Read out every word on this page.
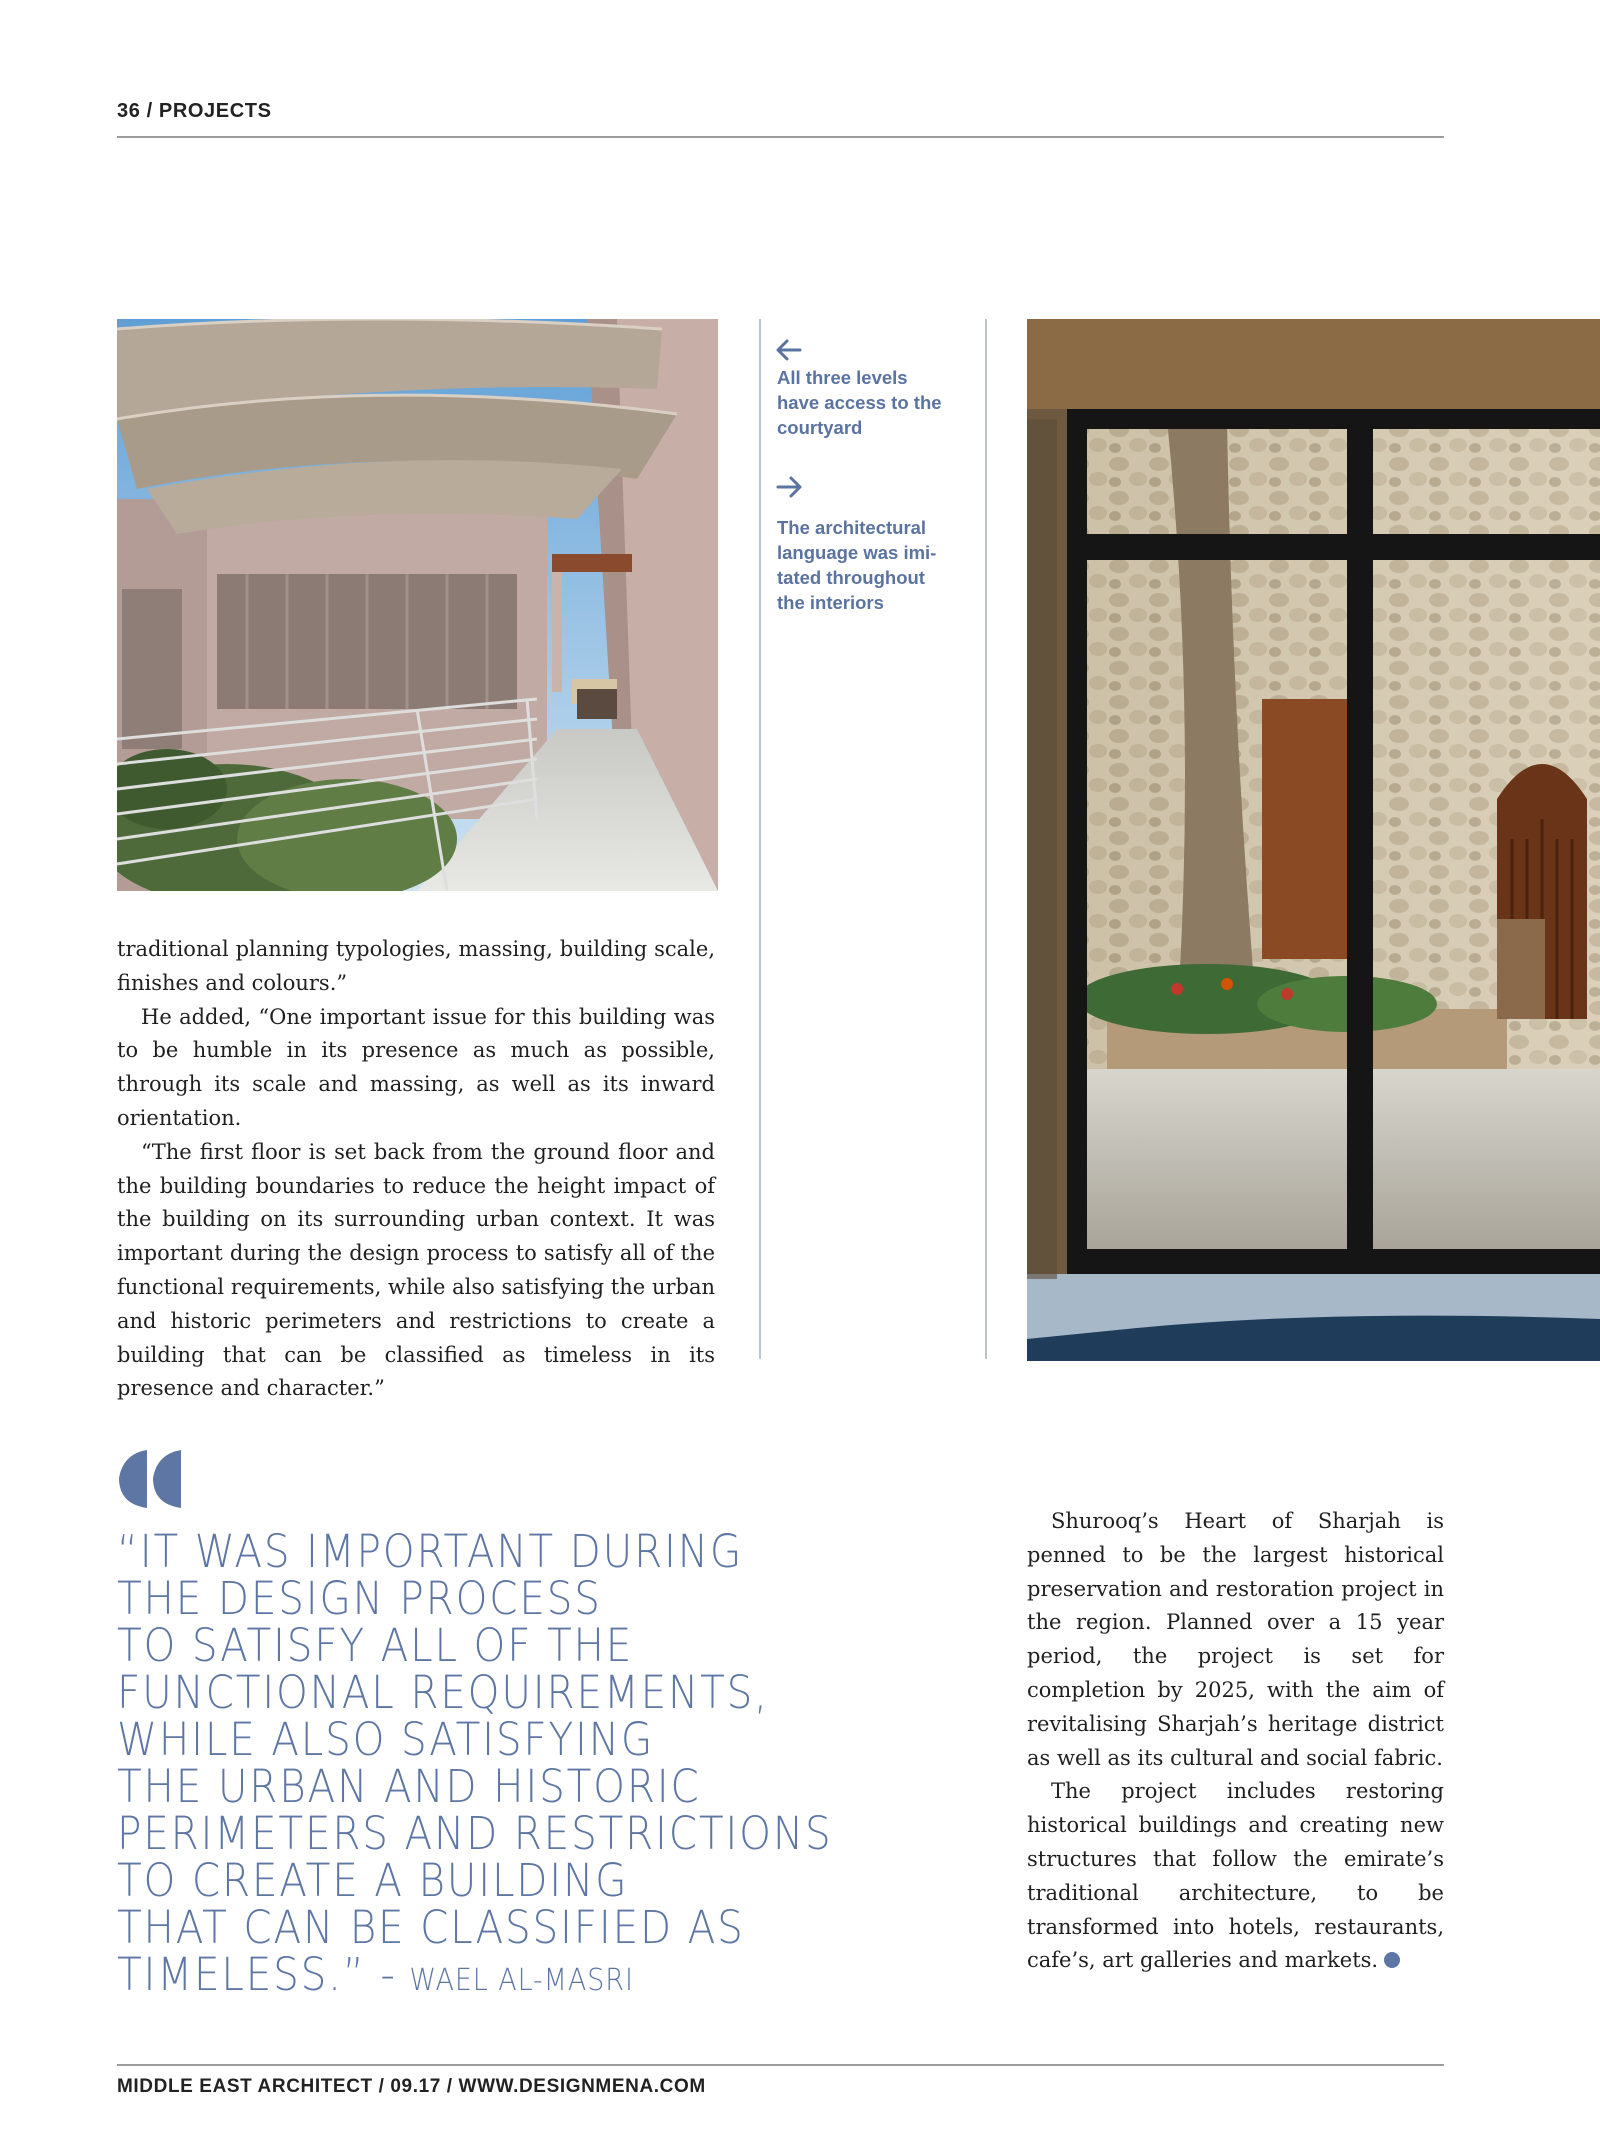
36 / PROJECTS
All three levels
have access to the
courtyard
The architectural
language was imi-
tated throughout
the interiors

traditional planning typologies, massing, building scale, finishes and colours.”

He added, “One important issue for this building was to be humble in its presence as much as possible, through its scale and massing, as well as its inward orientation.

“The first floor is set back from the ground floor and the building boundaries to reduce the height impact of the building on its surrounding urban context. It was important during the design process to satisfy all of the functional requirements, while also satisfying the urban and historic perimeters and restrictions to create a building that can be classified as timeless in its presence and character.”

“IT WAS IMPORTANT DURING
THE DESIGN PROCESS
TO SATISFY ALL OF THE
FUNCTIONAL REQUIREMENTS,
WHILE ALSO SATISFYING
THE URBAN AND HISTORIC
PERIMETERS AND RESTRICTIONS
TO CREATE A BUILDING
THAT CAN BE CLASSIFIED AS
TIMELESS.” - WAEL AL-MASRI

Shurooq’s Heart of Sharjah is penned to be the largest historical preservation and restoration project in the region. Planned over a 15 year period, the project is set for completion by 2025, with the aim of revitalising Sharjah’s heritage district as well as its cultural and social fabric.

The project includes restoring historical buildings and creating new structures that follow the emirate’s traditional architecture, to be transformed into hotels, restaurants, cafe’s, art galleries and markets.

MIDDLE EAST ARCHITECT / 09.17 / WWW.DESIGNMENA.COM
